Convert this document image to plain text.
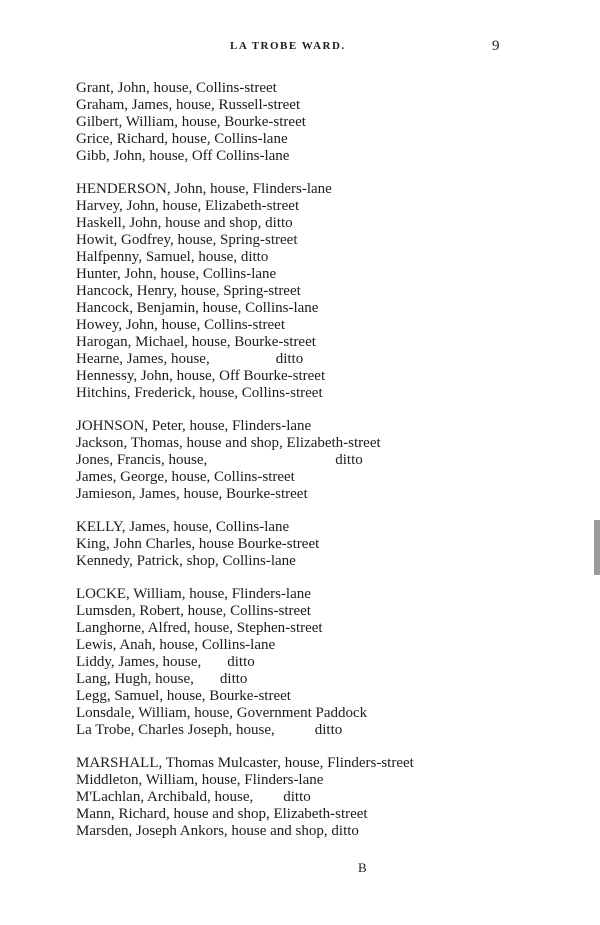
LA TROBE WARD.	9
Grant, John, house, Collins-street
Graham, James, house, Russell-street
Gilbert, William, house, Bourke-street
Grice, Richard, house, Collins-lane
Gibb, John, house, Off Collins-lane
HENDERSON, John, house, Flinders-lane
Harvey, John, house, Elizabeth-street
Haskell, John, house and shop, ditto
Howit, Godfrey, house, Spring-street
Halfpenny, Samuel, house, ditto
Hunter, John, house, Collins-lane
Hancock, Henry, house, Spring-street
Hancock, Benjamin, house, Collins-lane
Howey, John, house, Collins-street
Harogan, Michael, house, Bourke-street
Hearne, James, house,	ditto
Hennessy, John, house, Off Bourke-street
Hitchins, Frederick, house, Collins-street
JOHNSON, Peter, house, Flinders-lane
Jackson, Thomas, house and shop, Elizabeth-street
Jones, Francis, house,	ditto
James, George, house, Collins-street
Jamieson, James, house, Bourke-street
KELLY, James, house, Collins-lane
King, John Charles, house Bourke-street
Kennedy, Patrick, shop, Collins-lane
LOCKE, William, house, Flinders-lane
Lumsden, Robert, house, Collins-street
Langhorne, Alfred, house, Stephen-street
Lewis, Anah, house, Collins-lane
Liddy, James, house, ditto
Lang, Hugh, house, ditto
Legg, Samuel, house, Bourke-street
Lonsdale, William, house, Government Paddock
La Trobe, Charles Joseph, house,	ditto
MARSHALL, Thomas Mulcaster, house, Flinders-street
Middleton, William, house, Flinders-lane
M'Lachlan, Archibald, house, ditto
Mann, Richard, house and shop, Elizabeth-street
Marsden, Joseph Ankors, house and shop, ditto
B
